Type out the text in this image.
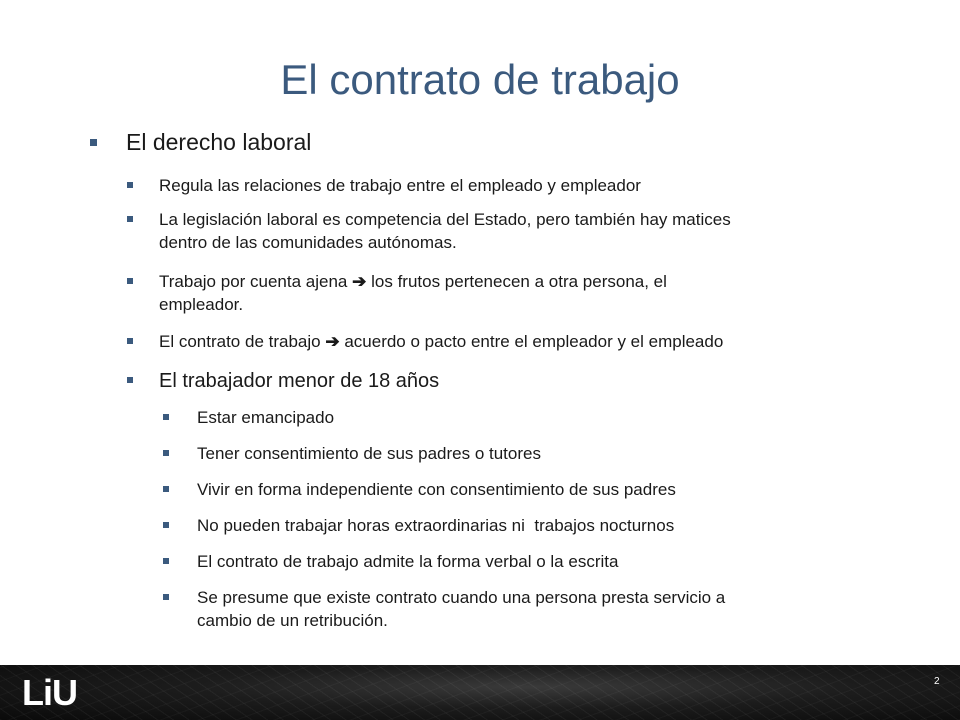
El contrato de trabajo
El derecho laboral
Regula las relaciones de trabajo entre el empleado y empleador
La legislación laboral es competencia del Estado, pero también hay matices
dentro de las comunidades autónomas.
Trabajo por cuenta ajena ➔ los frutos pertenecen a otra persona, el
empleador.
El contrato de trabajo ➔ acuerdo o pacto entre el empleador y el empleado
El trabajador menor de 18 años
Estar emancipado
Tener consentimiento de sus padres o tutores
Vivir en forma independiente con consentimiento de sus padres
No pueden trabajar horas extraordinarias ni  trabajos nocturnos
El contrato de trabajo admite la forma verbal o la escrita
Se presume que existe contrato cuando una persona presta servicio a
cambio de un retribución.
LiU	2
